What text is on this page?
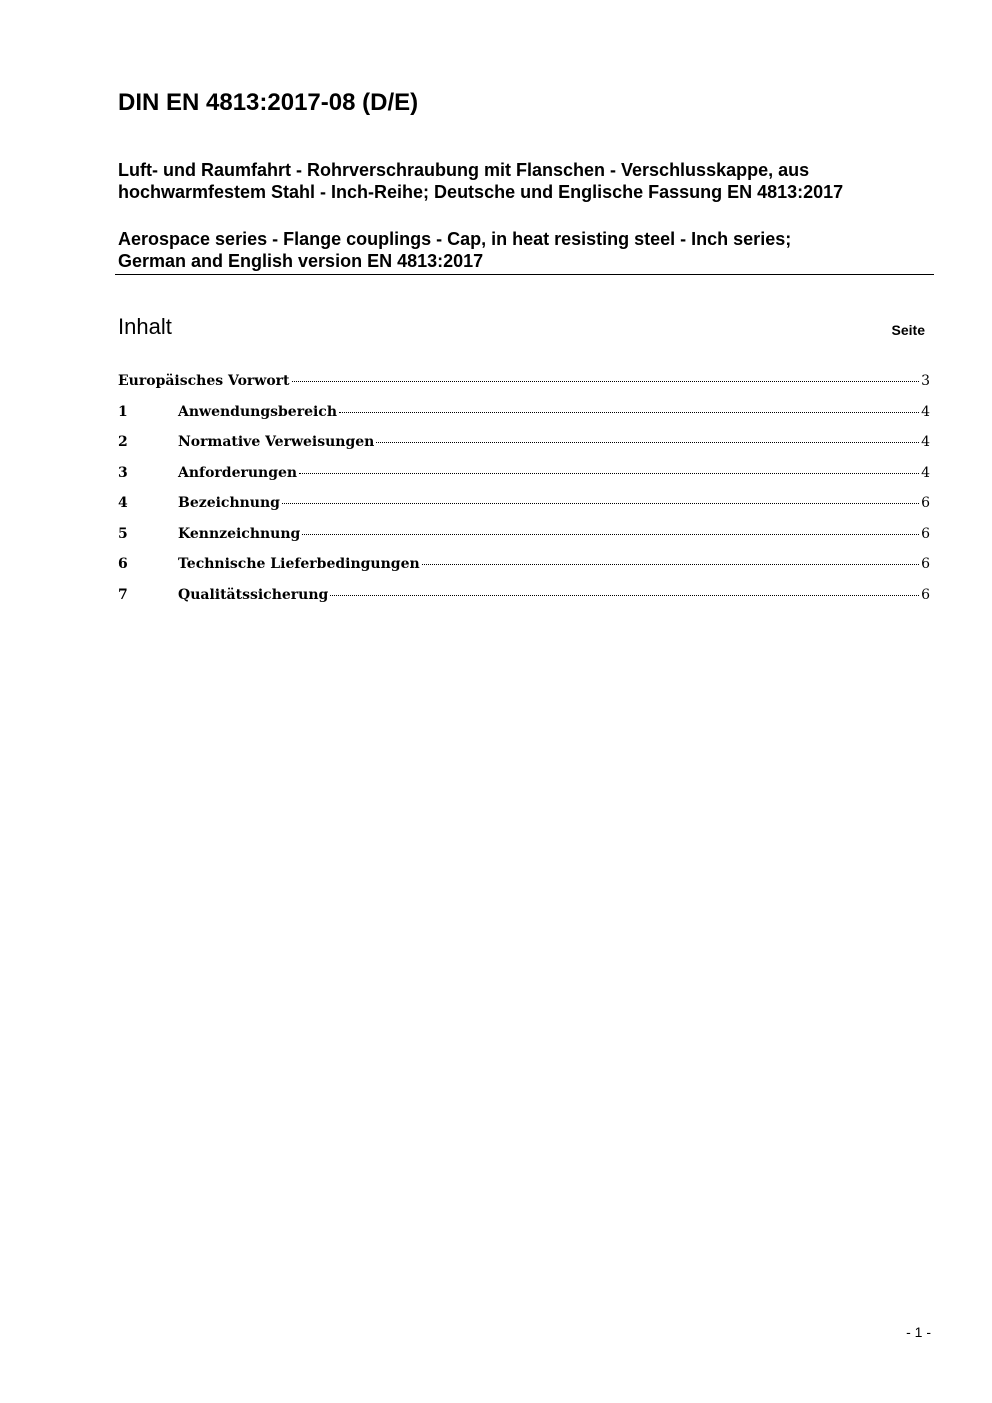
DIN EN 4813:2017-08 (D/E)
Luft- und Raumfahrt - Rohrverschraubung mit Flanschen - Verschlusskappe, aus
hochwarmfestem Stahl - Inch-Reihe; Deutsche und Englische Fassung EN 4813:2017
Aerospace series - Flange couplings - Cap, in heat resisting steel - Inch series;
German and English version EN 4813:2017
Inhalt	Seite
Europäisches Vorwort	3
1	Anwendungsbereich	4
2	Normative Verweisungen	4
3	Anforderungen	4
4	Bezeichnung	6
5	Kennzeichnung	6
6	Technische Lieferbedingungen	6
7	Qualitätssicherung	6
- 1 -
